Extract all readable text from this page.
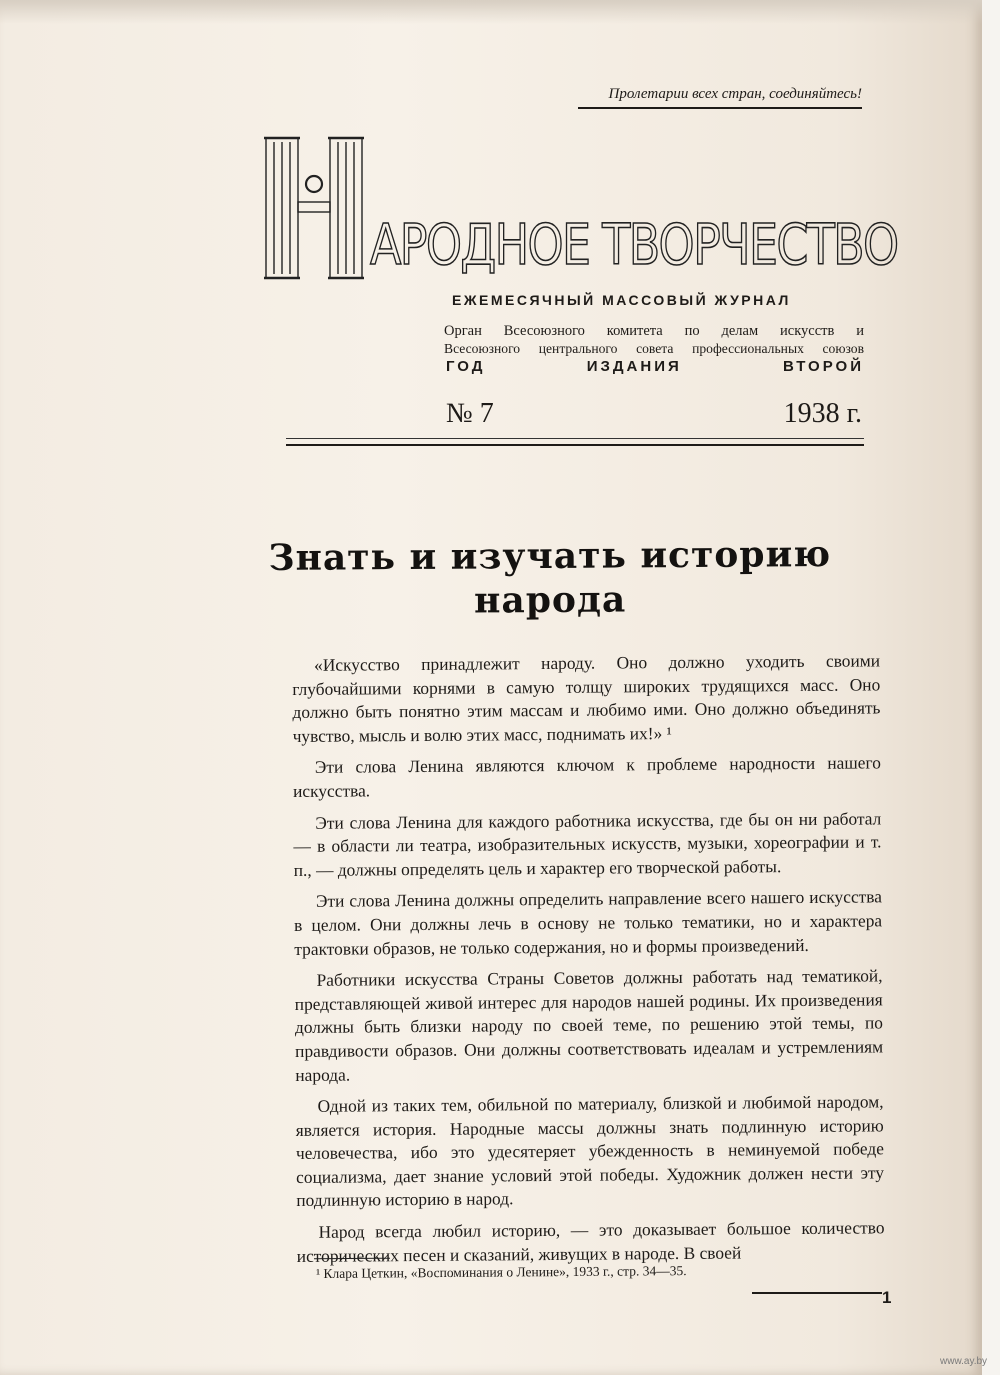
Пролетарии всех стран, соединяйтесь!
АРОДНОЕ ТВОРЧЕСТВО
ЕЖЕМЕСЯЧНЫЙ МАССОВЫЙ ЖУРНАЛ
Орган Всесоюзного комитета по делам искусств и
Всесоюзного центрального совета профессиональных союзов
ГОД	ИЗДАНИЯ	ВТОРОЙ
№ 7	1938 г.
Знать и изучать историю
народа

«Искусство принадлежит народу. Оно должно уходить своими глубочайшими корнями в самую толщу широких трудящихся масс. Оно должно быть понятно этим массам и любимо ими. Оно должно объединять чувство, мысль и волю этих масс, поднимать их!» ¹

Эти слова Ленина являются ключом к проблеме народности нашего искусства.

Эти слова Ленина для каждого работника искусства, где бы он ни работал — в области ли театра, изобразительных искусств, музыки, хореографии и т. п., — должны определять цель и характер его творческой работы.

Эти слова Ленина должны определить направление всего нашего искусства в целом. Они должны лечь в основу не только тематики, но и характера трактовки образов, не только содержания, но и формы произведений.

Работники искусства Страны Советов должны работать над тематикой, представляющей живой интерес для народов нашей родины. Их произведения должны быть близки народу по своей теме, по решению этой темы, по правдивости образов. Они должны соответствовать идеалам и устремлениям народа.

Одной из таких тем, обильной по материалу, близкой и любимой народом, является история. Народные массы должны знать подлинную историю человечества, ибо это удесятеряет убежденность в неминуемой победе социализма, дает знание условий этой победы. Художник должен нести эту подлинную историю в народ.

Народ всегда любил историю, — это доказывает большое количество исторических песен и сказаний, живущих в народе. В своей

¹ Клара Цеткин, «Воспоминания о Ленине», 1933 г., стр. 34—35.
1
www.ay.by
